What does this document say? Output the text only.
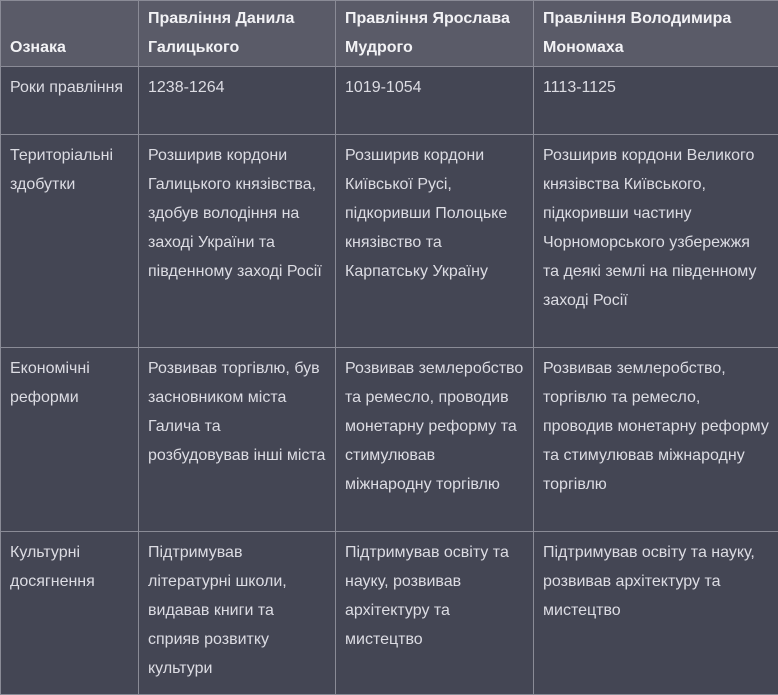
Ознака	Правління Данила Галицького	Правління Ярослава Мудрого	Правління Володимира Мономаха
Роки правління	1238-1264	1019-1054	1113-1125
Територіальні здобутки	Розширив кордони Галицького князівства, здобув володіння на заході України та південному заході Росії	Розширив кордони Київської Русі, підкоривши Полоцьке князівство та Карпатську Україну	Розширив кордони Великого князівства Київського, підкоривши частину Чорноморського узбережжя та деякі землі на південному заході Росії
Економічні реформи	Розвивав торгівлю, був засновником міста Галича та розбудовував інші міста	Розвивав землеробство та ремесло, проводив монетарну реформу та стимулював міжнародну торгівлю	Розвивав землеробство, торгівлю та ремесло, проводив монетарну реформу та стимулював міжнародну торгівлю
Культурні досягнення	Підтримував літературні школи, видавав книги та сприяв розвитку культури	Підтримував освіту та науку, розвивав архітектуру та мистецтво	Підтримував освіту та науку, розвивав архітектуру та мистецтво
